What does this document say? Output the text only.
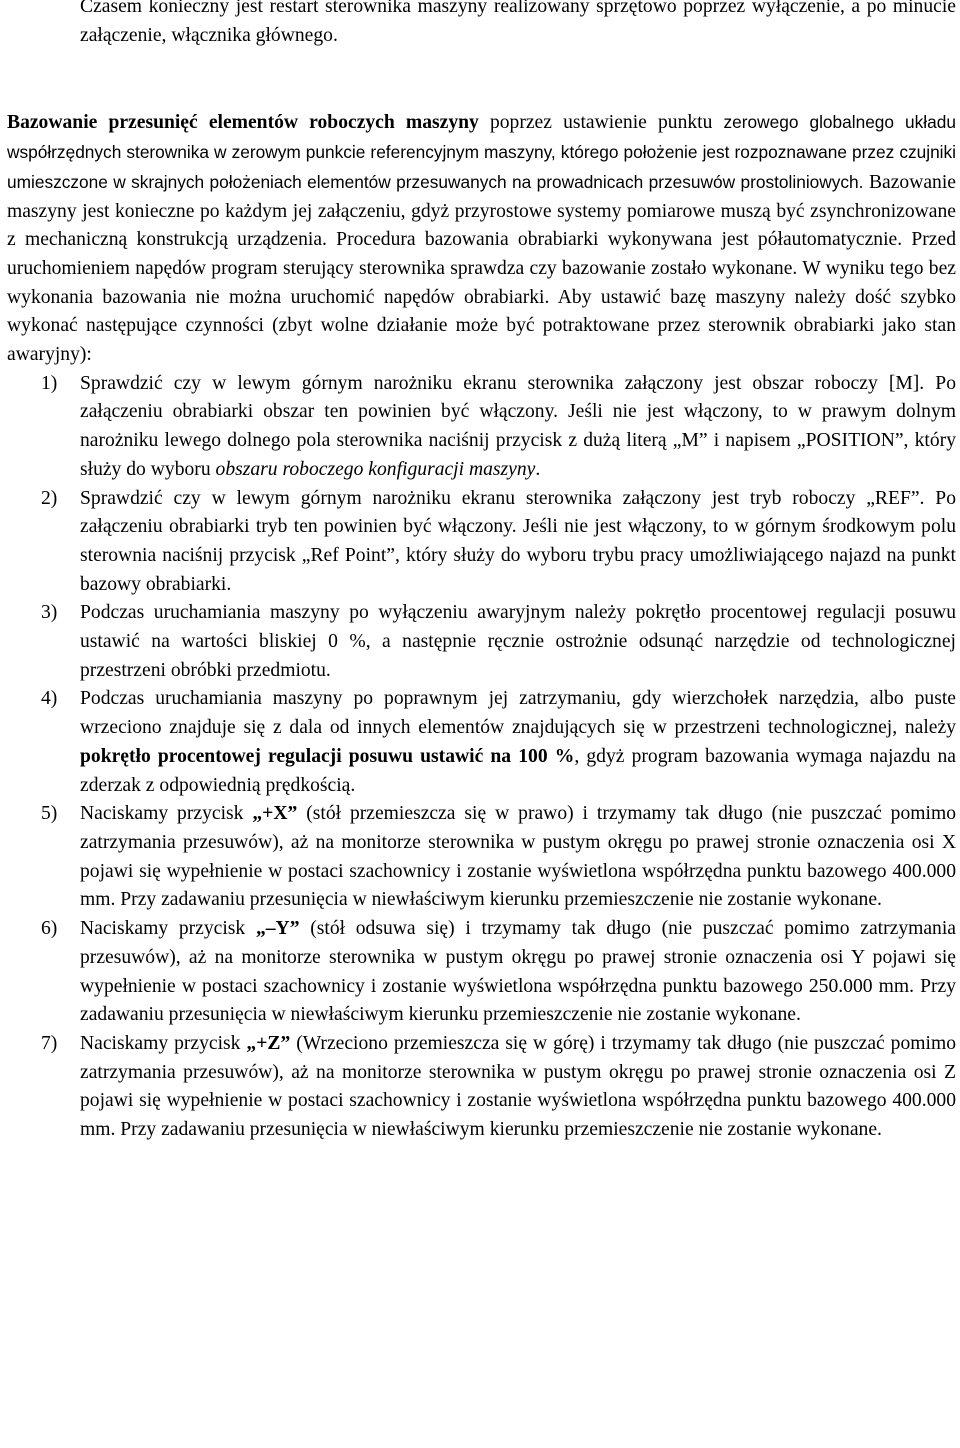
Czasem konieczny jest restart sterownika maszyny realizowany sprzętowo poprzez wyłączenie, a po minucie załączenie, włącznika głównego.

Bazowanie przesunięć elementów roboczych maszyny poprzez ustawienie punktu zerowego globalnego układu współrzędnych sterownika w zerowym punkcie referencyjnym maszyny, którego położenie jest rozpoznawane przez czujniki umieszczone w skrajnych położeniach elementów przesuwanych na prowadnicach przesuwów prostoliniowych. Bazowanie maszyny jest konieczne po każdym jej załączeniu, gdyż przyrostowe systemy pomiarowe muszą być zsynchronizowane z mechaniczną konstrukcją urządzenia. Procedura bazowania obrabiarki wykonywana jest półautomatycznie. Przed uruchomieniem napędów program sterujący sterownika sprawdza czy bazowanie zostało wykonane. W wyniku tego bez wykonania bazowania nie można uruchomić napędów obrabiarki. Aby ustawić bazę maszyny należy dość szybko wykonać następujące czynności (zbyt wolne działanie może być potraktowane przez sterownik obrabiarki jako stan awaryjny):

1) Sprawdzić czy w lewym górnym narożniku ekranu sterownika załączony jest obszar roboczy [M]. Po załączeniu obrabiarki obszar ten powinien być włączony. Jeśli nie jest włączony, to w prawym dolnym narożniku lewego dolnego pola sterownika naciśnij przycisk z dużą literą „M” i napisem „POSITION”, który służy do wyboru obszaru roboczego konfiguracji maszyny.
2) Sprawdzić czy w lewym górnym narożniku ekranu sterownika załączony jest tryb roboczy „REF”. Po załączeniu obrabiarki tryb ten powinien być włączony. Jeśli nie jest włączony, to w górnym środkowym polu sterownia naciśnij przycisk „Ref Point”, który służy do wyboru trybu pracy umożliwiającego najazd na punkt bazowy obrabiarki.
3) Podczas uruchamiania maszyny po wyłączeniu awaryjnym należy pokrętło procentowej regulacji posuwu ustawić na wartości bliskiej 0 %, a następnie ręcznie ostrożnie odsunąć narzędzie od technologicznej przestrzeni obróbki przedmiotu.
4) Podczas uruchamiania maszyny po poprawnym jej zatrzymaniu, gdy wierzchołek narzędzia, albo puste wrzeciono znajduje się z dala od innych elementów znajdujących się w przestrzeni technologicznej, należy pokrętło procentowej regulacji posuwu ustawić na 100 %, gdyż program bazowania wymaga najazdu na zderzak z odpowiednią prędkością.
5) Naciskamy przycisk „+X” (stół przemieszcza się w prawo) i trzymamy tak długo (nie puszczać pomimo zatrzymania przesuwów), aż na monitorze sterownika w pustym okręgu po prawej stronie oznaczenia osi X pojawi się wypełnienie w postaci szachownicy i zostanie wyświetlona współrzędna punktu bazowego 400.000 mm. Przy zadawaniu przesunięcia w niewłaściwym kierunku przemieszczenie nie zostanie wykonane.
6) Naciskamy przycisk „–Y” (stół odsuwa się) i trzymamy tak długo (nie puszczać pomimo zatrzymania przesuwów), aż na monitorze sterownika w pustym okręgu po prawej stronie oznaczenia osi Y pojawi się wypełnienie w postaci szachownicy i zostanie wyświetlona współrzędna punktu bazowego 250.000 mm. Przy zadawaniu przesunięcia w niewłaściwym kierunku przemieszczenie nie zostanie wykonane.
7) Naciskamy przycisk „+Z” (Wrzeciono przemieszcza się w górę) i trzymamy tak długo (nie puszczać pomimo zatrzymania przesuwów), aż na monitorze sterownika w pustym okręgu po prawej stronie oznaczenia osi Z pojawi się wypełnienie w postaci szachownicy i zostanie wyświetlona współrzędna punktu bazowego 400.000 mm. Przy zadawaniu przesunięcia w niewłaściwym kierunku przemieszczenie nie zostanie wykonane.
